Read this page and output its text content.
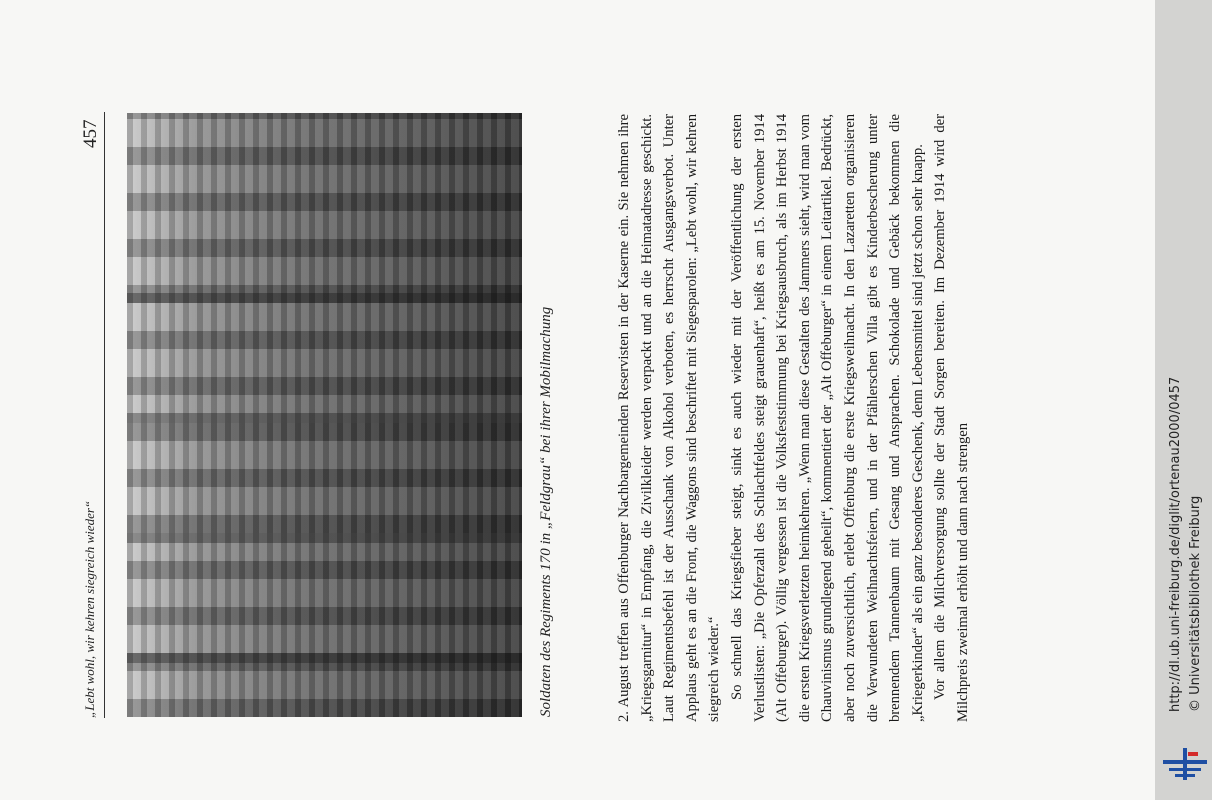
„Lebt wohl, wir kehren siegreich wieder“
457
Soldaten des Regiments 170 in „Feldgrau“ bei ihrer Mobilmachung	2. August treffen aus Offenburger Nachbargemeinden Reservisten in der Kaserne ein. Sie nehmen ihre „Kriegsgarnitur“ in Empfang, die Zivilkleider werden verpackt und an die Heimatadresse geschickt. Laut Regimentsbefehl ist der Ausschank von Alkohol verboten, es herrscht Ausgangsverbot. Unter Applaus geht es an die Front, die Waggons sind beschriftet mit Siegesparolen: „Lebt wohl, wir kehren siegreich wieder.“ So schnell das Kriegsfieber steigt, sinkt es auch wieder mit der Veröffentlichung der ersten Verlustlisten: „Die Opferzahl des Schlachtfeldes steigt grauenhaft“, heißt es am 15. November 1914 (Alt Offeburger). Völlig vergessen ist die Volksfeststimmung bei Kriegsausbruch, als im Herbst 1914 die ersten Kriegsverletzten heimkehren. „Wenn man diese Gestalten des Jammers sieht, wird man vom Chauvinismus grundlegend geheilt“, kommentiert der „Alt Offeburger“ in einem Leitartikel. Bedrückt, aber noch zuversichtlich, erlebt Offenburg die erste Kriegsweihnacht. In den Lazaretten organisieren die Verwundeten Weihnachtsfeiern, und in der Pfählerschen Villa gibt es Kinderbescherung unter brennendem Tannenbaum mit Gesang und Ansprachen. Schokolade und Gebäck bekommen die „Kriegerkinder“ als ein ganz besonderes Geschenk, denn Lebensmittel sind jetzt schon sehr knapp. Vor allem die Milchversorgung sollte der Stadt Sorgen bereiten. Im Dezember 1914 wird der Milchpreis zweimal erhöht und dann nach strengen	http://dl.ub.uni-freiburg.de/diglit/ortenau2000/0457 © Universitätsbibliothek Freiburg
